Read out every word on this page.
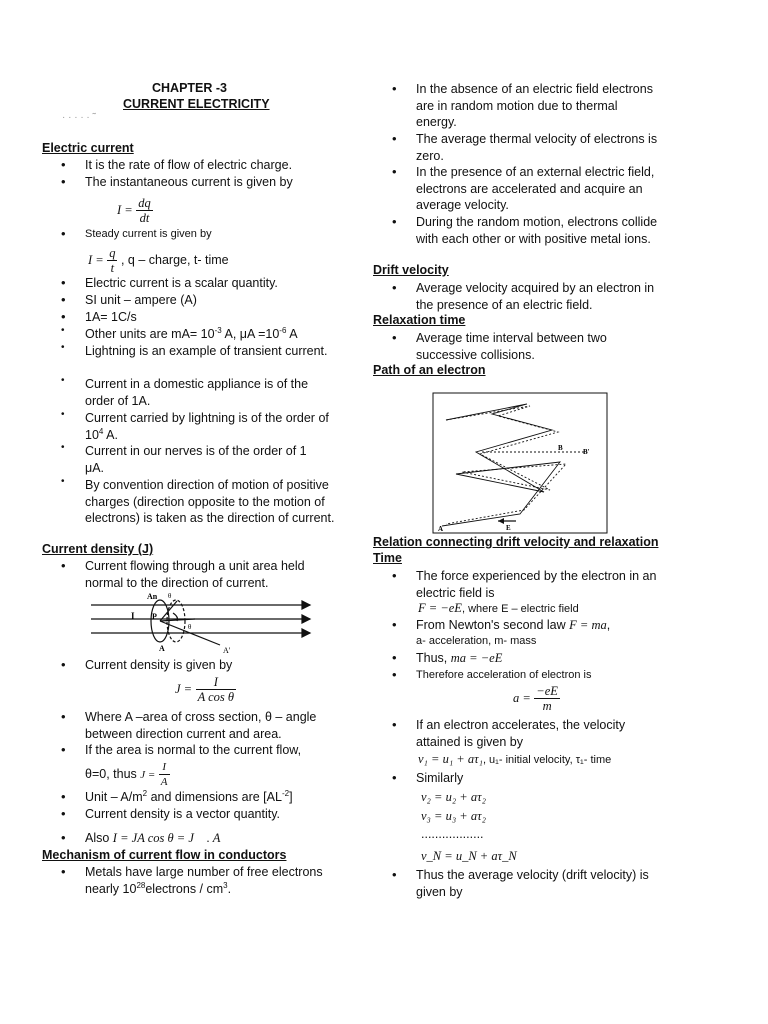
CHAPTER -3
CURRENT ELECTRICITY
· · · · · ˜
Electric current
• It is the rate of flow of electric charge.
• The instantaneous current is given by
$I = \frac{dq}{dt}$
• Steady current is given by
$I = \frac{q}{t}$ , q – charge, t- time
• Electric current is a scalar quantity.
• SI unit – ampere (A)
• 1A= 1C/s
• Other units are $mA= 10^{-3}$ A, $\mu A =10^{-6}$ A
• Lightning is an example of transient current.
• Current in a domestic appliance is of the order of 1A.
• Current carried by lightning is of the order of $10^4$ A.
• Current in our nerves is of the order of 1 μA.
• By convention direction of motion of positive charges (direction opposite to the motion of electrons) is taken as the direction of current.
Current density (J)
• Current flowing through a unit area held normal to the direction of current.
An θ
I P
θ
A	A'
• Current density is given by
$J = \frac{I}{\text{A cos θ}}$
• Where A –area of cross section, θ – angle between direction current and area.
• If the area is normal to the current flow,
θ=0, thus $J = \frac{I}{A}$
• Unit – $A/m^2$ and dimensions are $[AL^{-2}]$
• Current density is a vector quantity.
• Also I = JA cos θ = J⃗ . A⃗
Mechanism of current flow in conductors
• Metals have large number of free electrons nearly $10^{28}electrons / cm^3$.
• In the absence of an electric field electrons are in random motion due to thermal energy.
• The average thermal velocity of electrons is zero.
• In the presence of an external electric field, electrons are accelerated and acquire an average velocity.
• During the random motion, electrons collide with each other or with positive metal ions.
Drift velocity
• Average velocity acquired by an electron in the presence of an electric field.
Relaxation time
• Average time interval between two successive collisions.
Path of an electron
B	B'
E
A
Relation connecting drift velocity and relaxation
Time
• The force experienced by the electron in an electric field is
F = −eE, where E – electric field
• From Newton's second law F = ma,
a- acceleration, m- mass
• Thus, ma = −eE
• Therefore acceleration of electron is
$a = \frac{-eE}{m}$
• If an electron accelerates, the velocity attained is given by
v₁ = u₁ + aτ₁, u₁- initial velocity, τ₁- time
• Similarly
v₂ = u₂ + aτ₂
v₃ = u₃ + aτ₂
..................
v_N = u_N + aτ_N
• Thus the average velocity (drift velocity) is given by
